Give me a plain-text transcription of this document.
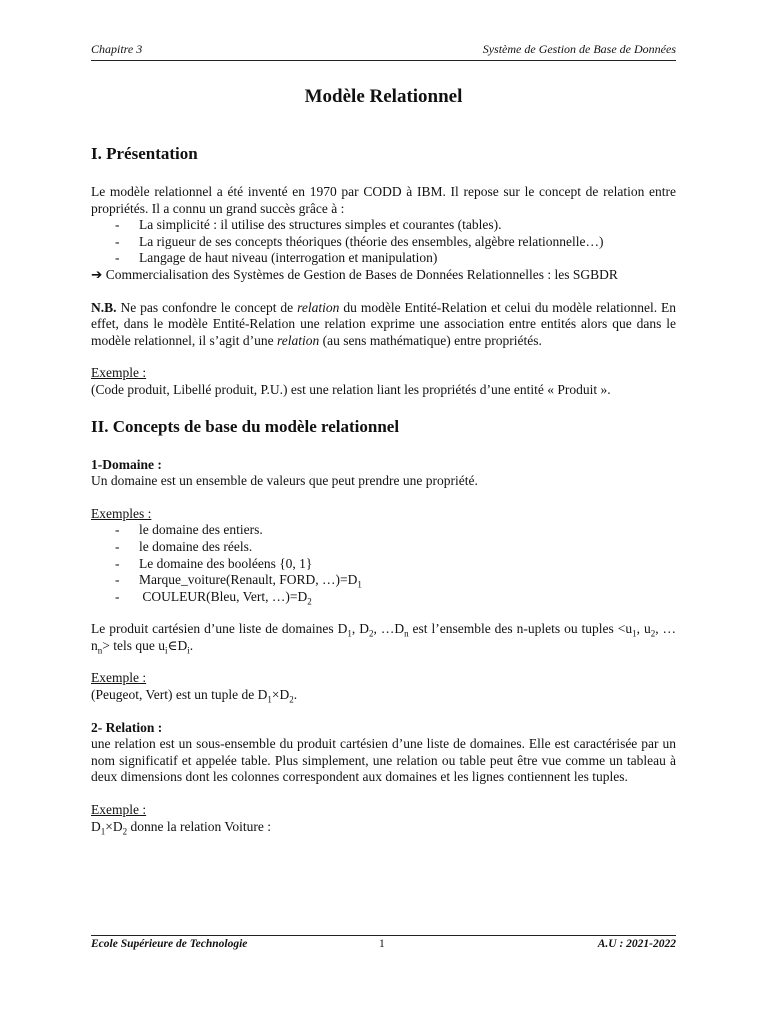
Chapitre 3	Système de Gestion de Base de Données
Modèle Relationnel
I. Présentation

Le modèle relationnel a été inventé en 1970 par CODD à IBM. Il repose sur le concept de relation entre propriétés. Il a connu un grand succès grâce à :

- La simplicité : il utilise des structures simples et courantes (tables).
- La rigueur de ses concepts théoriques (théorie des ensembles, algèbre relationnelle…)
- Langage de haut niveau (interrogation et manipulation)

➔ Commercialisation des Systèmes de Gestion de Bases de Données Relationnelles : les SGBDR

N.B. Ne pas confondre le concept de relation du modèle Entité-Relation et celui du modèle relationnel. En effet, dans le modèle Entité-Relation une relation exprime une association entre entités alors que dans le modèle relationnel, il s’agit d’une relation (au sens mathématique) entre propriétés.

Exemple :

(Code produit, Libellé produit, P.U.) est une relation liant les propriétés d’une entité « Produit ».

II. Concepts de base du modèle relationnel

1-Domaine :

Un domaine est un ensemble de valeurs que peut prendre une propriété.

Exemples :

- le domaine des entiers.
- le domaine des réels.
- Le domaine des booléens {0, 1}
- Marque_voiture(Renault, FORD, $\dots)=D_1$
- COULEUR(Bleu, Vert, $\dots)=D_2$

Le produit cartésien d’une liste de domaines $D_1$, $D_2$, $\dots D_n$ est l’ensemble des n-uplets ou tuples $<u_1$, $u_2$, $\dots n_n>$ tels que $u_i\in D_i$.

Exemple :

(Peugeot, Vert) est un tuple de $D_1\times D_2$.

2- Relation :

une relation est un sous-ensemble du produit cartésien d’une liste de domaines. Elle est caractérisée par un nom significatif et appelée table. Plus simplement, une relation ou table peut être vue comme un tableau à deux dimensions dont les colonnes correspondent aux domaines et les lignes contiennent les tuples.

Exemple :

$D_1\times D_2$ donne la relation Voiture :

Ecole Supérieure de Technologie	1	A.U : 2021-2022
